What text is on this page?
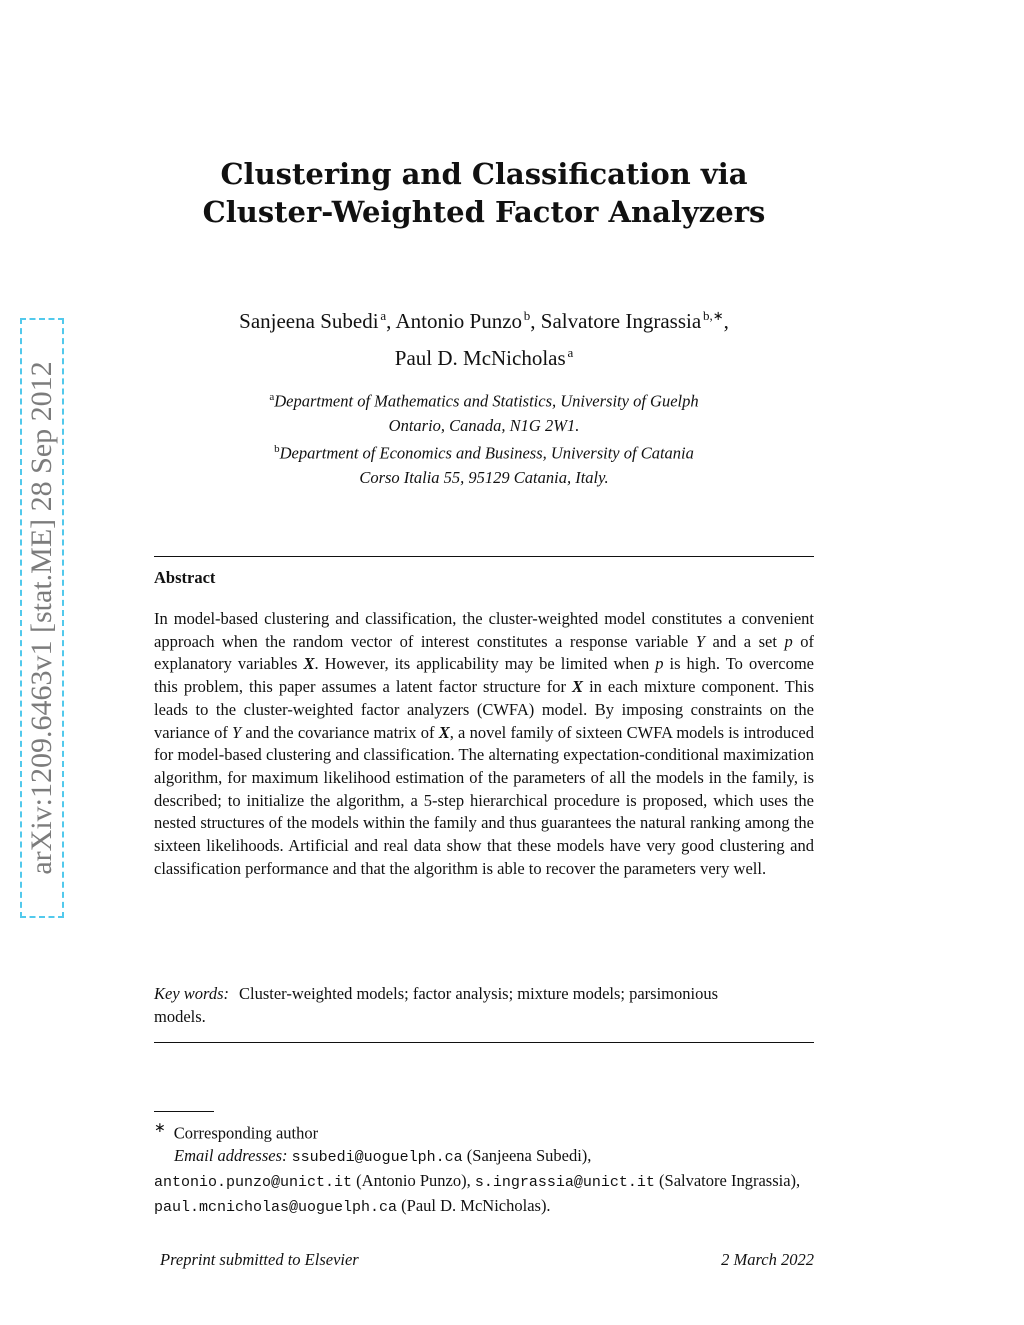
arXiv:1209.6463v1 [stat.ME] 28 Sep 2012
Clustering and Classification via
Cluster-Weighted Factor Analyzers
Sanjeena Subedi  $^a$, Antonio Punzo  $^b$, Salvatore Ingrassia  $^{b,∗}$,
Paul D. McNicholas  $^a$
$^a$Department of Mathematics and Statistics, University of Guelph
Ontario, Canada, N1G 2W1.
$^b$Department of Economics and Business, University of Catania
Corso Italia 55, 95129 Catania, Italy.
Abstract
In model-based clustering and classification, the cluster-weighted model constitutes a convenient approach when the random vector of interest constitutes a response variable Y and a set p of explanatory variables X. However, its applicability may be limited when p is high. To overcome this problem, this paper assumes a latent factor structure for X in each mixture component. This leads to the cluster-weighted factor analyzers (CWFA) model. By imposing constraints on the variance of Y and the covariance matrix of X, a novel family of sixteen CWFA models is introduced for model-based clustering and classification. The alternating expectation-conditional maximization algorithm, for maximum likelihood estimation of the parameters of all the models in the family, is described; to initialize the algorithm, a 5-step hierarchical procedure is proposed, which uses the nested structures of the models within the family and thus guarantees the natural ranking among the sixteen likelihoods. Artificial and real data show that these models have very good clustering and classification performance and that the algorithm is able to recover the parameters very well.
Key words: Cluster-weighted models; factor analysis; mixture models; parsimonious models.
∗ Corresponding author
Email addresses: ssubedi@uoguelph.ca (Sanjeena Subedi),
antonio.punzo@unict.it (Antonio Punzo), s.ingrassia@unict.it (Salvatore Ingrassia), paul.mcnicholas@uoguelph.ca (Paul D. McNicholas).
Preprint submitted to Elsevier	2 March 2022
